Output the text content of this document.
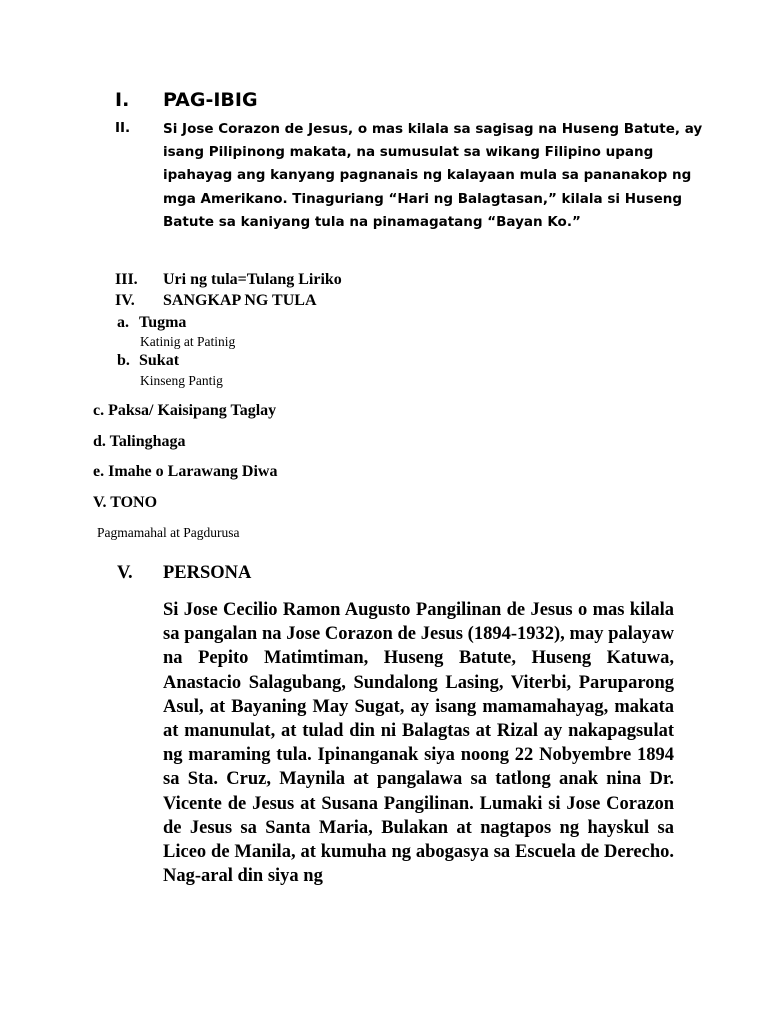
I. PAG-IBIG
II. Si Jose Corazon de Jesus, o mas kilala sa sagisag na Huseng Batute, ay isang Pilipinong makata, na sumusulat sa wikang Filipino upang ipahayag ang kanyang pagnanais ng kalayaan mula sa pananakop ng mga Amerikano. Tinaguriang “Hari ng Balagtasan,” kilala si Huseng Batute sa kaniyang tula na pinamagatang “Bayan Ko.”

III. Uri ng tula=Tulang Liriko
IV. SANGKAP NG TULA
a. Tugma
Katinig at Patinig
b. Sukat
Kinseng Pantig
c. Paksa/ Kaisipang Taglay
d. Talinghaga
e. Imahe o Larawang Diwa
V. TONO
Pagmamahal at Pagdurusa
V. PERSONA

Si Jose Cecilio Ramon Augusto Pangilinan de Jesus o mas kilala sa pangalan na Jose Corazon de Jesus (1894-1932), may palayaw na Pepito Matimtiman, Huseng Batute, Huseng Katuwa, Anastacio Salagubang, Sundalong Lasing, Viterbi, Paruparong Asul, at Bayaning May Sugat, ay isang mamamahayag, makata at manunulat, at tulad din ni Balagtas at Rizal ay nakapagsulat ng maraming tula. Ipinanganak siya noong 22 Nobyembre 1894 sa Sta. Cruz, Maynila at pangalawa sa tatlong anak nina Dr. Vicente de Jesus at Susana Pangilinan. Lumaki si Jose Corazon de Jesus sa Santa Maria, Bulakan at nagtapos ng hayskul sa Liceo de Manila, at kumuha ng abogasya sa Escuela de Derecho. Nag-aral din siya ng
